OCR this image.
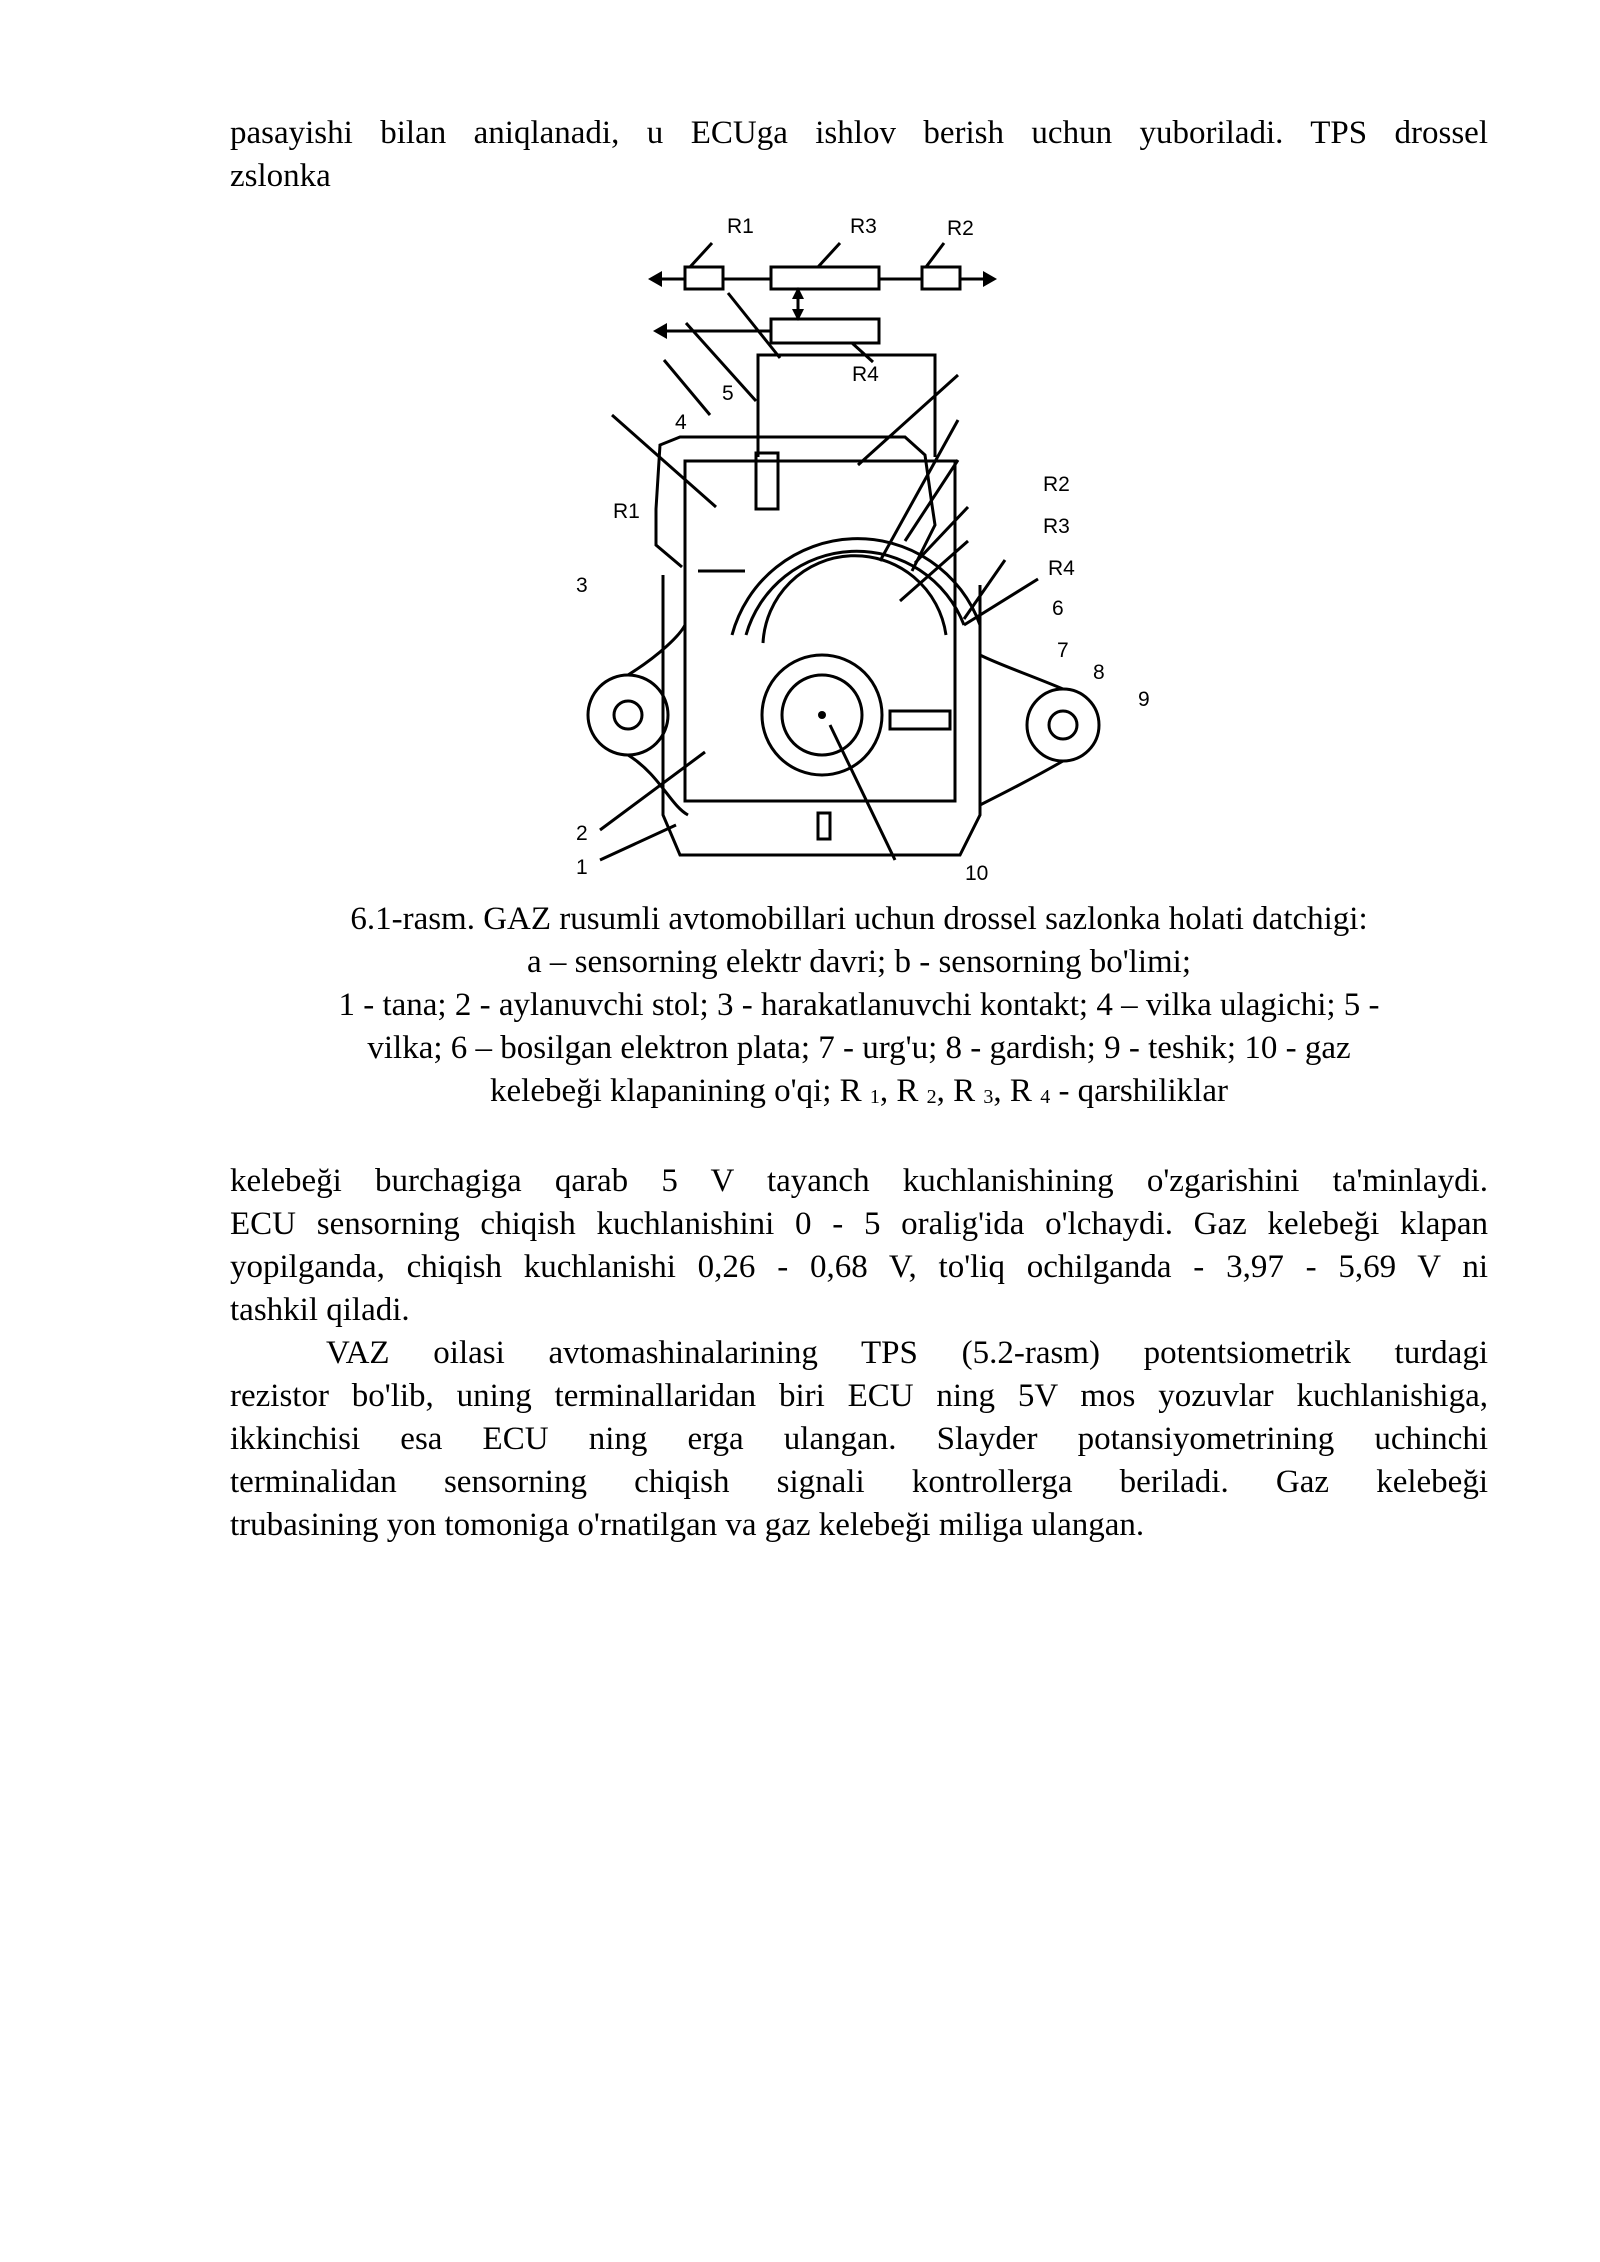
pasayishi bilan aniqlanadi, u ECUga ishlov berish uchun yuboriladi. TPS drossel
zslonka

R1	R3	R2
R4
5
4
R2
R1
R3
R4
3
6
7
8
9
2
1	10

6.1-rasm. GAZ rusumli avtomobillari uchun drossel sazlonka holati datchigi:
a – sensorning elektr davri; b - sensorning bo'limi;
1 - tana; 2 - aylanuvchi stol; 3 - harakatlanuvchi kontakt; 4 – vilka ulagichi; 5 -
vilka; 6 – bosilgan elektron plata; 7 - urg'u; 8 - gardish; 9 - teshik; 10 - gaz
kelebeği klapanining o'qi; R $_1$, R $_2$, R $_3$, R $_4$ - qarshiliklar

kelebeği burchagiga qarab 5 V tayanch kuchlanishining o'zgarishini ta'minlaydi.
ECU sensorning chiqish kuchlanishini 0 - 5 oralig'ida o'lchaydi. Gaz kelebeği klapan
yopilganda, chiqish kuchlanishi 0,26 - 0,68 V, to'liq ochilganda - 3,97 - 5,69 V ni
tashkil qiladi.

VAZ oilasi avtomashinalarining TPS (5.2-rasm) potentsiometrik turdagi
rezistor bo'lib, uning terminallaridan biri ECU ning 5V mos yozuvlar kuchlanishiga,
ikkinchisi esa ECU ning erga ulangan. Slayder potansiyometrining uchinchi
terminalidan sensorning chiqish signali kontrollerga beriladi. Gaz kelebeği
trubasining yon tomoniga o'rnatilgan va gaz kelebeği miliga ulangan.
